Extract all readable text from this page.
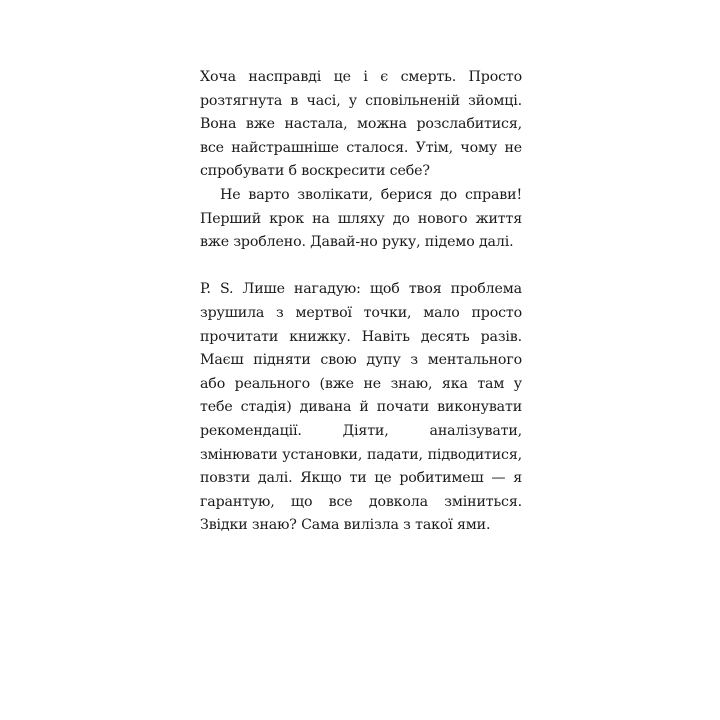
Хоча насправді це і є смерть. Просто розтягнута в часі, у сповільненій зйомці. Вона вже настала, можна розслабитися, все найстрашніше сталося. Утім, чому не спробувати б воскресити себе?

Не варто зволікати, берися до справи! Перший крок на шляху до нового життя вже зроблено. Давай-но руку, підемо далі.

P. S. Лише нагадую: щоб твоя проблема зрушила з мертвої точки, мало просто прочитати книжку. Навіть десять разів. Маєш підняти свою дупу з ментального або реального (вже не знаю, яка там у тебе стадія) дивана й почати виконувати рекомендації. Діяти, аналізувати, змінювати установки, падати, підводитися, повзти далі. Якщо ти це робитимеш — я гарантую, що все довкола зміниться. Звідки знаю? Сама вилізла з такої ями.
